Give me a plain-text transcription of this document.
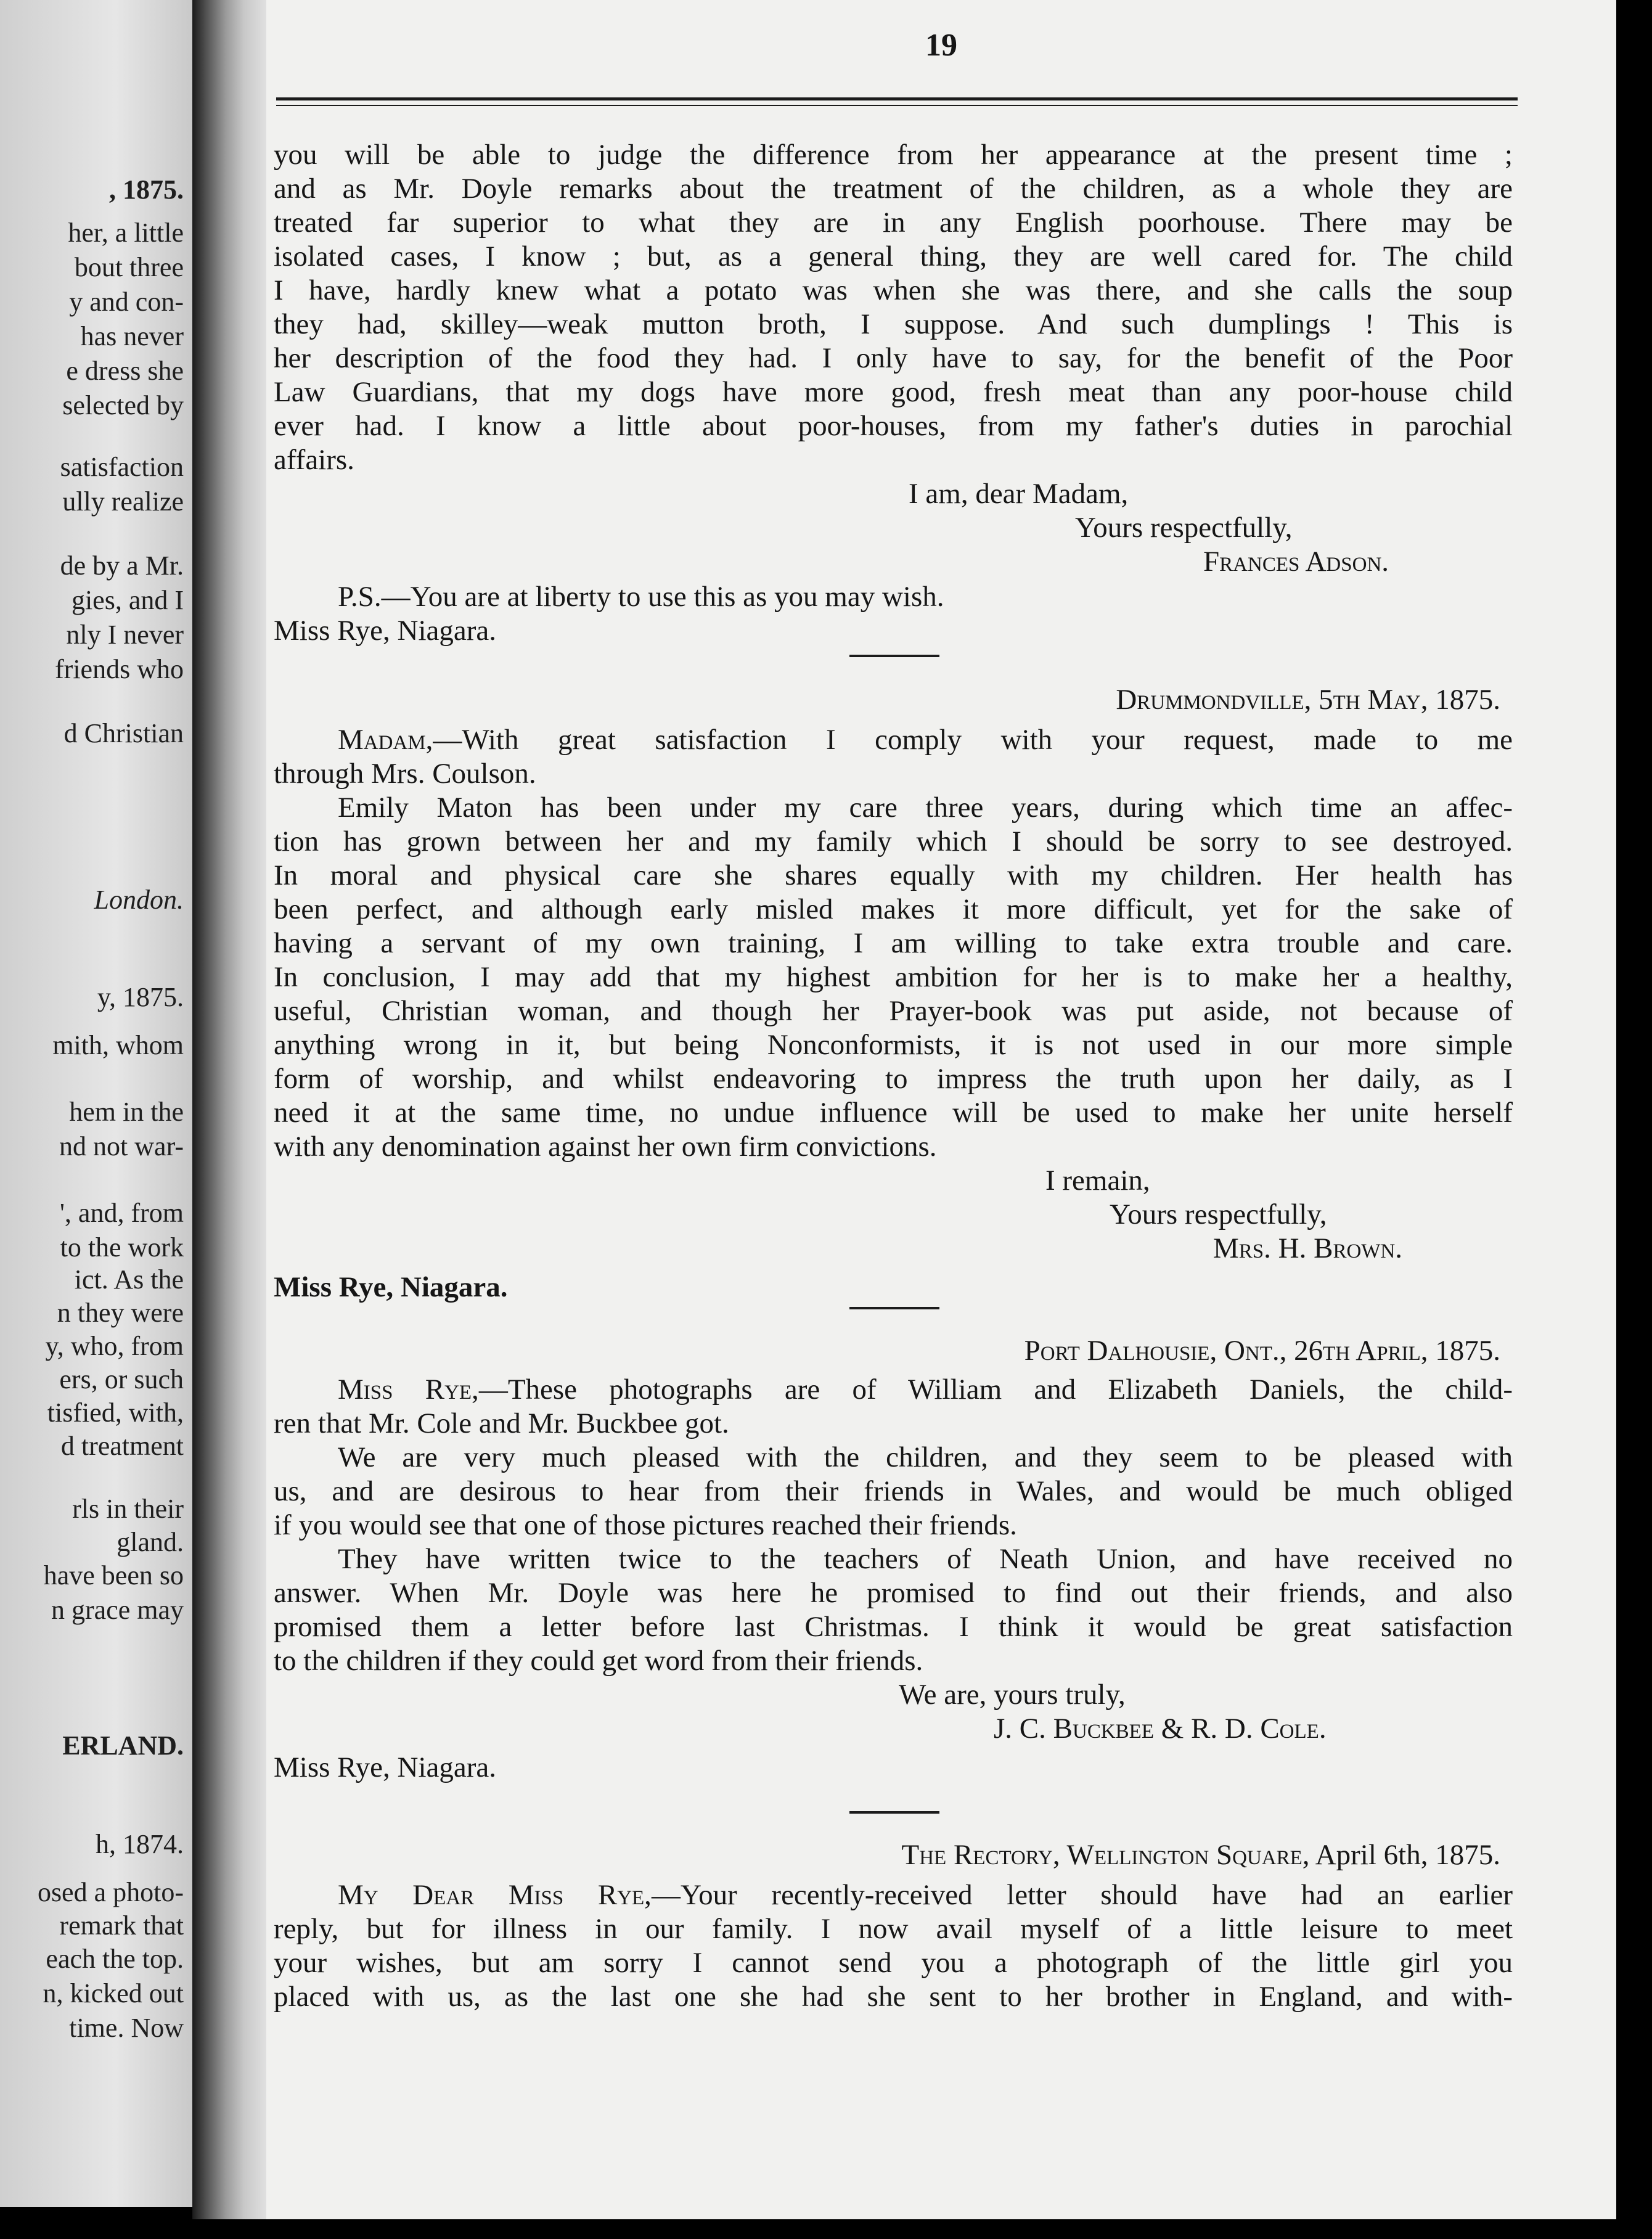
, 1875.
her, a little
bout three
y and con-
has never
e dress she
selected by
satisfaction
ully realize
de by a Mr.
gies, and I
nly I never
friends who
d Christian
London.
y, 1875.
mith, whom
hem in the
nd not war-
', and, from
to the work
ict. As the
n they were
y, who, from
ers, or such
tisfied, with,
d treatment
rls in their
gland.
have been so
n grace may
ERLAND.
h, 1874.
osed a photo-
remark that
each the top.
n, kicked out
time. Now
19

you will be able to judge the difference from her appearance at the present time ;

and as Mr. Doyle remarks about the treatment of the children, as a whole they are

treated far superior to what they are in any English poorhouse. There may be

isolated cases, I know ; but, as a general thing, they are well cared for. The child

I have, hardly knew what a potato was when she was there, and she calls the soup

they had, skilley—weak mutton broth, I suppose. And such dumplings ! This is

her description of the food they had. I only have to say, for the benefit of the Poor

Law Guardians, that my dogs have more good, fresh meat than any poor-house child

ever had. I know a little about poor-houses, from my father's duties in parochial

affairs.

I am, dear Madam,

Yours respectfully,

Frances Adson.

P.S.—You are at liberty to use this as you may wish.

Miss Rye, Niagara.

Drummondville, 5th May, 1875.

Madam,—With great satisfaction I comply with your request, made to me

through Mrs. Coulson.

Emily Maton has been under my care three years, during which time an affec-

tion has grown between her and my family which I should be sorry to see destroyed.

In moral and physical care she shares equally with my children. Her health has

been perfect, and although early misled makes it more difficult, yet for the sake of

having a servant of my own training, I am willing to take extra trouble and care.

In conclusion, I may add that my highest ambition for her is to make her a healthy,

useful, Christian woman, and though her Prayer-book was put aside, not because of

anything wrong in it, but being Nonconformists, it is not used in our more simple

form of worship, and whilst endeavoring to impress the truth upon her daily, as I

need it at the same time, no undue influence will be used to make her unite herself

with any denomination against her own firm convictions.

I remain,

Yours respectfully,

Mrs. H. Brown.

Miss Rye, Niagara.

Port Dalhousie, Ont., 26th April, 1875.

Miss Rye,—These photographs are of William and Elizabeth Daniels, the child-

ren that Mr. Cole and Mr. Buckbee got.

We are very much pleased with the children, and they seem to be pleased with

us, and are desirous to hear from their friends in Wales, and would be much obliged

if you would see that one of those pictures reached their friends.

They have written twice to the teachers of Neath Union, and have received no

answer. When Mr. Doyle was here he promised to find out their friends, and also

promised them a letter before last Christmas. I think it would be great satisfaction

to the children if they could get word from their friends.

We are, yours truly,

J. C. Buckbee & R. D. Cole.

Miss Rye, Niagara.

The Rectory, Wellington Square, April 6th, 1875.

My Dear Miss Rye,—Your recently-received letter should have had an earlier

reply, but for illness in our family. I now avail myself of a little leisure to meet

your wishes, but am sorry I cannot send you a photograph of the little girl you

placed with us, as the last one she had she sent to her brother in England, and with-
